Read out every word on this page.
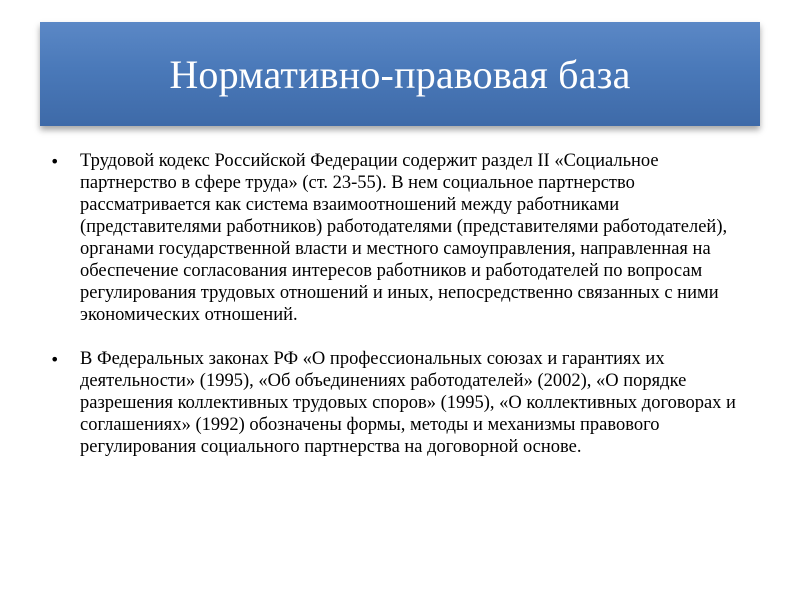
Нормативно-правовая база
•	Трудовой кодекс Российской Федерации содержит раздел II «Социальное партнерство в сфере труда» (ст. 23-55). В нем социальное партнерство рассматривается как система взаимоотношений между работниками (представителями работников) работодателями (представителями работодателей), органами государственной власти и местного самоуправления, направленная на обеспечение согласования интересов работников и работодателей по вопросам регулирования трудовых отношений и иных, непосредственно связанных с ними экономических отношений.
•	В Федеральных законах РФ «О профессиональных союзах и гарантиях их деятельности» (1995), «Об объединениях работодателей» (2002), «О порядке разрешения коллективных трудовых споров» (1995), «О коллективных договорах и соглашениях» (1992) обозначены формы, методы и механизмы правового регулирования социального партнерства на договорной основе.
